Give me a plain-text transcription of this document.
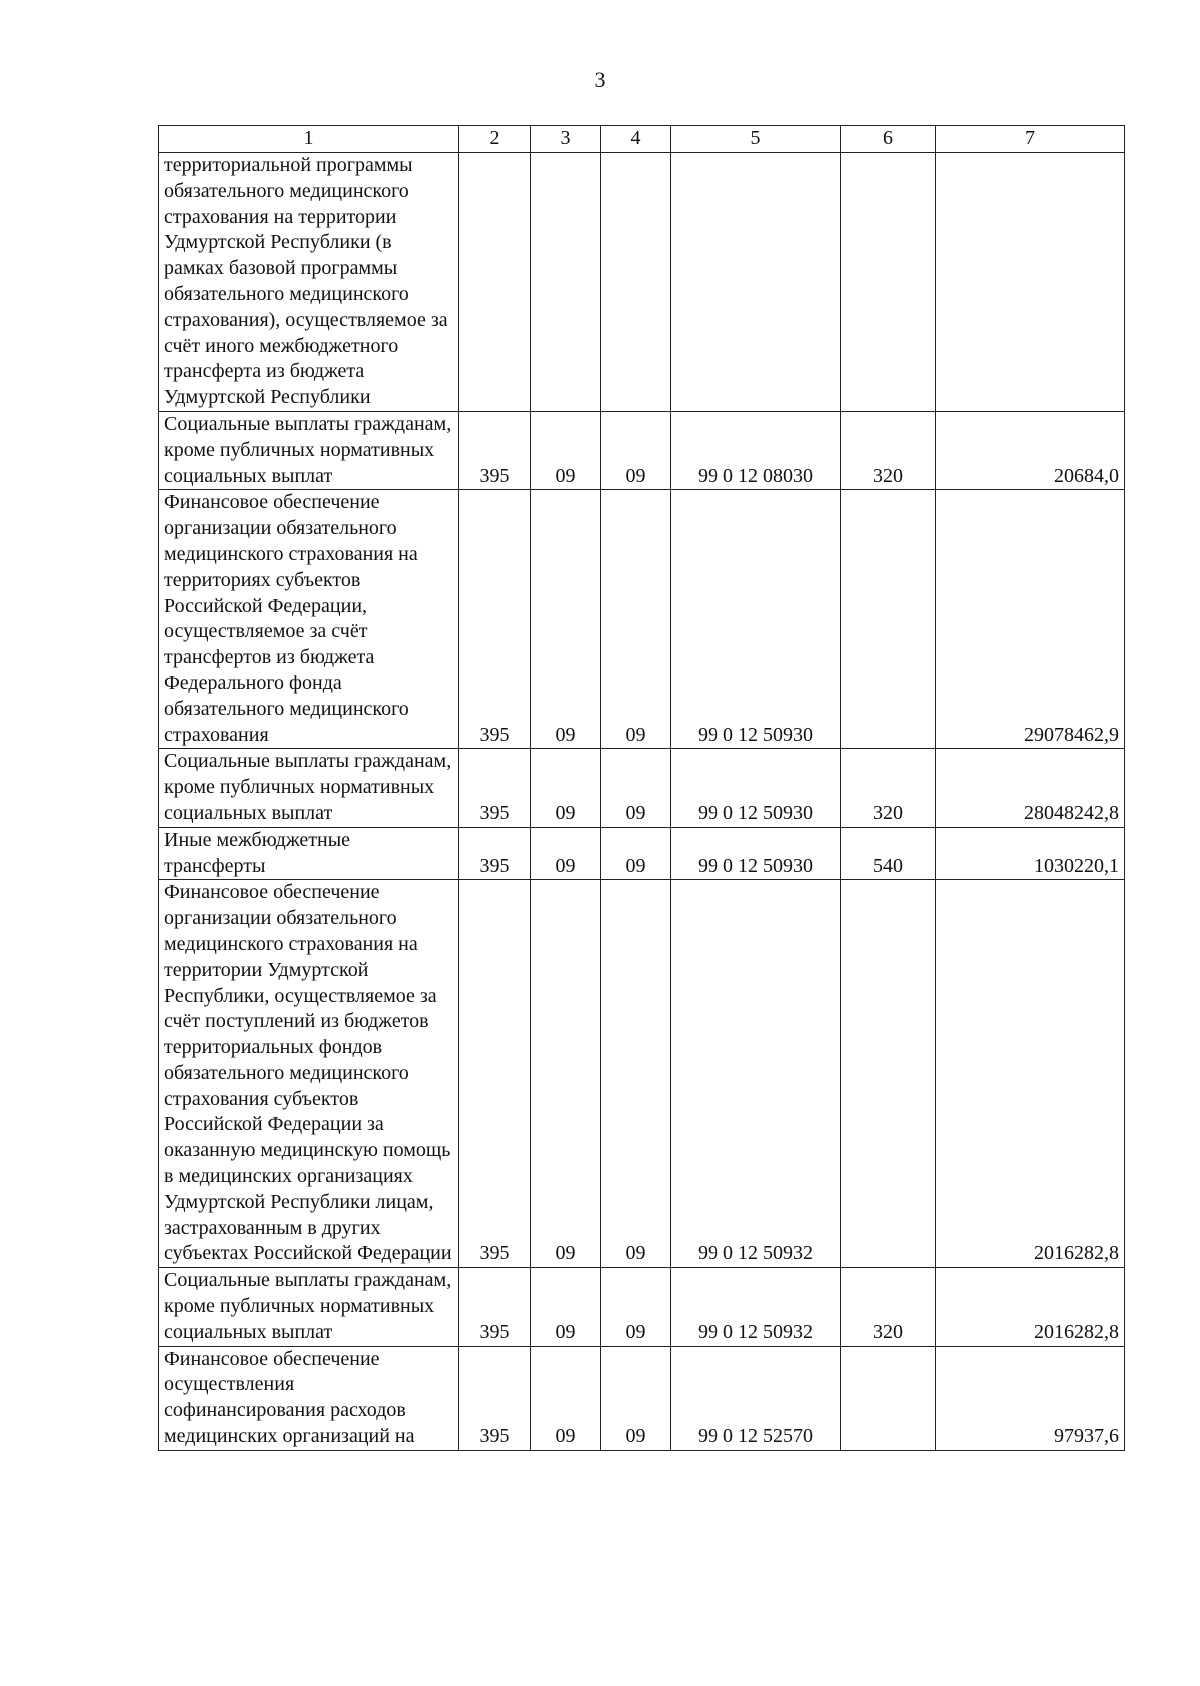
3
1	2	3	4	5	6	7
территориальной программы обязательного медицинского страхования на территории Удмуртской Республики (в рамках базовой программы обязательного медицинского страхования), осуществляемое за счёт иного межбюджетного трансферта из бюджета Удмуртской Республики						
Социальные выплаты гражданам, кроме публичных нормативных социальных выплат	395	09	09	99 0 12 08030	320	20684,0
Финансовое обеспечение организации обязательного медицинского страхования на территориях субъектов Российской Федерации, осуществляемое за счёт трансфертов из бюджета Федерального фонда обязательного медицинского страхования	395	09	09	99 0 12 50930		29078462,9
Социальные выплаты гражданам, кроме публичных нормативных социальных выплат	395	09	09	99 0 12 50930	320	28048242,8
Иные межбюджетные трансферты	395	09	09	99 0 12 50930	540	1030220,1
Финансовое обеспечение организации обязательного медицинского страхования на территории Удмуртской Республики, осуществляемое за счёт поступлений из бюджетов территориальных фондов обязательного медицинского страхования субъектов Российской Федерации за оказанную медицинскую помощь в медицинских организациях Удмуртской Республики лицам, застрахованным в других субъектах Российской Федерации	395	09	09	99 0 12 50932		2016282,8
Социальные выплаты гражданам, кроме публичных нормативных социальных выплат	395	09	09	99 0 12 50932	320	2016282,8
Финансовое обеспечение осуществления софинансирования расходов медицинских организаций на	395	09	09	99 0 12 52570		97937,6
